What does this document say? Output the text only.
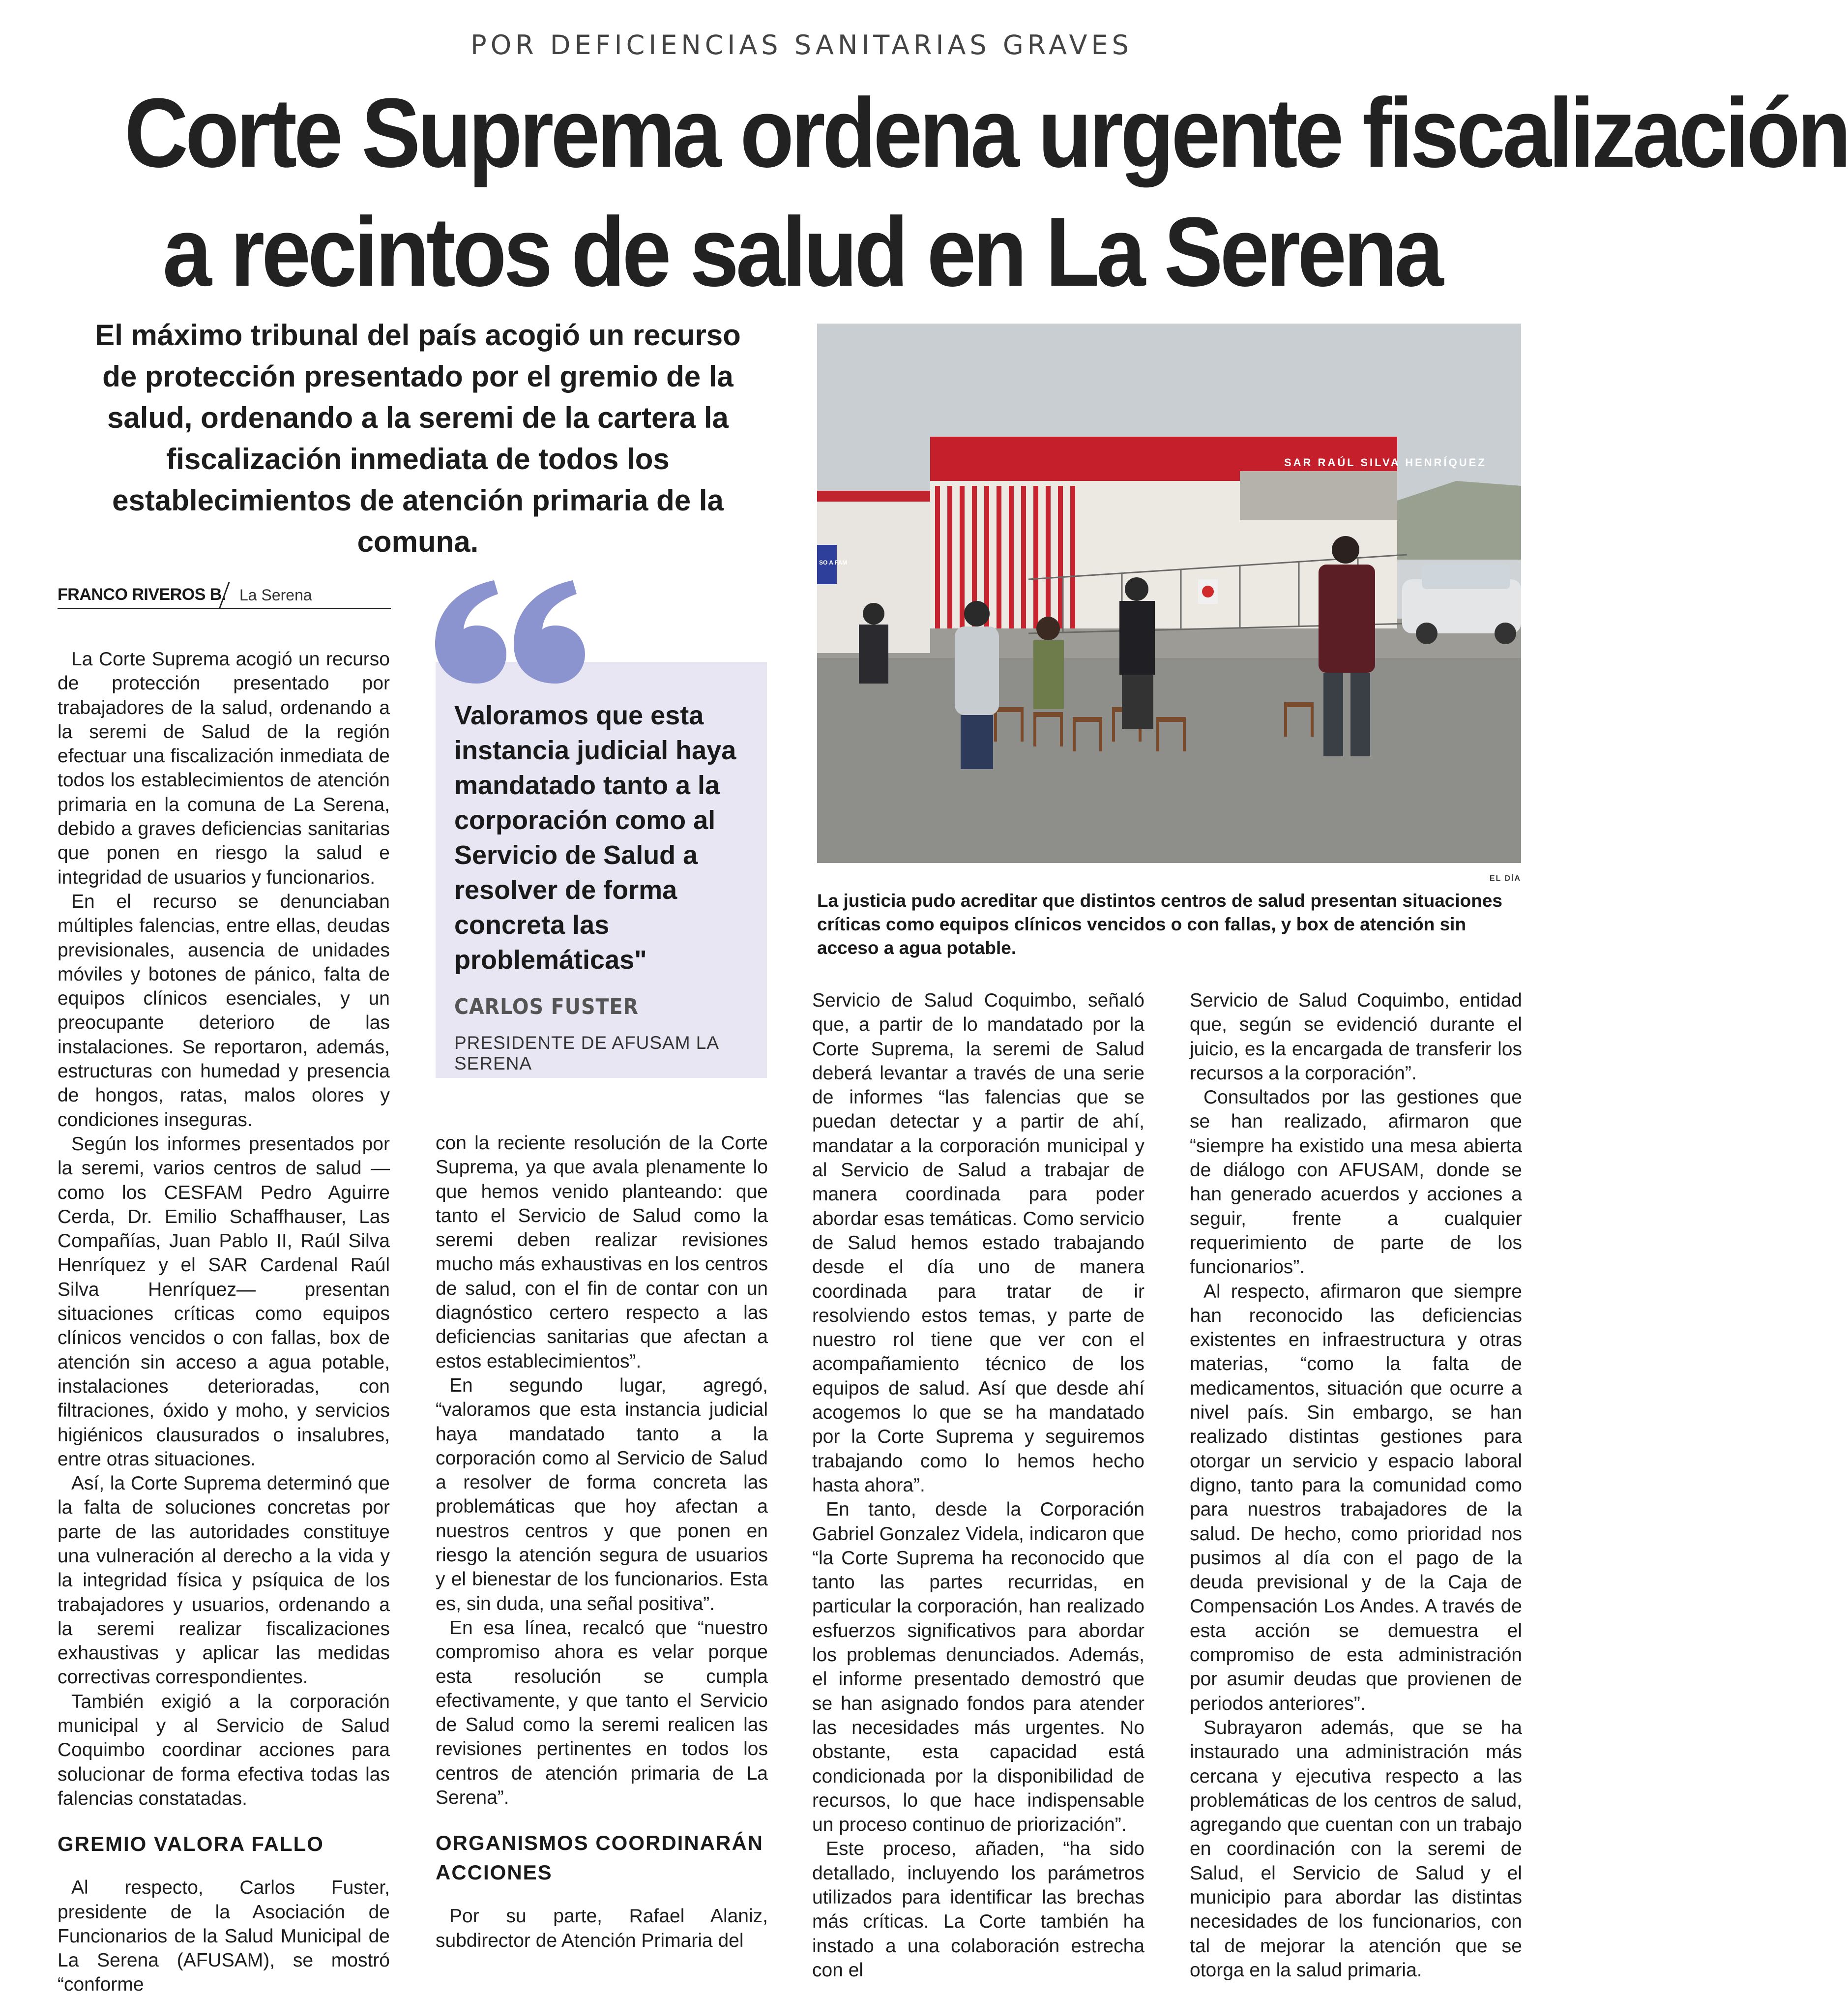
POR DEFICIENCIAS SANITARIAS GRAVES
Corte Suprema ordena urgente fiscalización
a recintos de salud en La Serena
El máximo tribunal del país acogió un recurso de protección presentado por el gremio de la salud, ordenando a la seremi de la cartera la fiscalización inmediata de todos los establecimientos de atención primaria de la comuna.
SO A FAM
SAR RAÚL SILVA HENRÍQUEZ
EL DÍA
La justicia pudo acreditar que distintos centros de salud presentan situaciones críticas como equipos clínicos vencidos o con fallas, y box de atención sin acceso a agua potable.
FRANCO RIVEROS B. La Serena
Valoramos que esta instancia judicial haya mandatado tanto a la corporación como al Servicio de Salud a resolver de forma concreta las problemáticas"
CARLOS FUSTER
PRESIDENTE DE AFUSAM LA SERENA

La Corte Suprema acogió un recurso de protección presentado por trabajadores de la salud, ordenando a la seremi de Salud de la región efectuar una fiscalización inmediata de todos los establecimientos de atención primaria en la comuna de La Serena, debido a graves deficiencias sanitarias que ponen en riesgo la salud e integridad de usuarios y funcionarios.

En el recurso se denunciaban múltiples falencias, entre ellas, deudas previsionales, ausencia de unidades móviles y botones de pánico, falta de equipos clínicos esenciales, y un preocupante deterioro de las instalaciones. Se reportaron, además, estructuras con humedad y presencia de hongos, ratas, malos olores y condiciones inseguras.

Según los informes presentados por la seremi, varios centros de salud —como los CESFAM Pedro Aguirre Cerda, Dr. Emilio Schaffhauser, Las Compañías, Juan Pablo II, Raúl Silva Henríquez y el SAR Cardenal Raúl Silva Henríquez— presentan situaciones críticas como equipos clínicos vencidos o con fallas, box de atención sin acceso a agua potable, instalaciones deterioradas, con filtraciones, óxido y moho, y servicios higiénicos clausurados o insalubres, entre otras situaciones.

Así, la Corte Suprema determinó que la falta de soluciones concretas por parte de las autoridades constituye una vulneración al derecho a la vida y la integridad física y psíquica de los trabajadores y usuarios, ordenando a la seremi realizar fiscalizaciones exhaustivas y aplicar las medidas correctivas correspondientes.

También exigió a la corporación municipal y al Servicio de Salud Coquimbo coordinar acciones para solucionar de forma efectiva todas las falencias constatadas.

GREMIO VALORA FALLO

Al respecto, Carlos Fuster, presidente de la Asociación de Funcionarios de la Salud Municipal de La Serena (AFUSAM), se mostró “conforme

con la reciente resolución de la Corte Suprema, ya que avala plenamente lo que hemos venido planteando: que tanto el Servicio de Salud como la seremi deben realizar revisiones mucho más exhaustivas en los centros de salud, con el fin de contar con un diagnóstico certero respecto a las deficiencias sanitarias que afectan a estos establecimientos”.

En segundo lugar, agregó, “valoramos que esta instancia judicial haya mandatado tanto a la corporación como al Servicio de Salud a resolver de forma concreta las problemáticas que hoy afectan a nuestros centros y que ponen en riesgo la atención segura de usuarios y el bienestar de los funcionarios. Esta es, sin duda, una señal positiva”.

En esa línea, recalcó que “nuestro compromiso ahora es velar porque esta resolución se cumpla efectivamente, y que tanto el Servicio de Salud como la seremi realicen las revisiones pertinentes en todos los centros de atención primaria de La Serena”.

ORGANISMOS COORDINARÁN ACCIONES

Por su parte, Rafael Alaniz, subdirector de Atención Primaria del

Servicio de Salud Coquimbo, señaló que, a partir de lo mandatado por la Corte Suprema, la seremi de Salud deberá levantar a través de una serie de informes “las falencias que se puedan detectar y a partir de ahí, mandatar a la corporación municipal y al Servicio de Salud a trabajar de manera coordinada para poder abordar esas temáticas. Como servicio de Salud hemos estado trabajando desde el día uno de manera coordinada para tratar de ir resolviendo estos temas, y parte de nuestro rol tiene que ver con el acompañamiento técnico de los equipos de salud. Así que desde ahí acogemos lo que se ha mandatado por la Corte Suprema y seguiremos trabajando como lo hemos hecho hasta ahora”.

En tanto, desde la Corporación Gabriel Gonzalez Videla, indicaron que “la Corte Suprema ha reconocido que tanto las partes recurridas, en particular la corporación, han realizado esfuerzos significativos para abordar los problemas denunciados. Además, el informe presentado demostró que se han asignado fondos para atender las necesidades más urgentes. No obstante, esta capacidad está condicionada por la disponibilidad de recursos, lo que hace indispensable un proceso continuo de priorización”.

Este proceso, añaden, “ha sido detallado, incluyendo los parámetros utilizados para identificar las brechas más críticas. La Corte también ha instado a una colaboración estrecha con el

Servicio de Salud Coquimbo, entidad que, según se evidenció durante el juicio, es la encargada de transferir los recursos a la corporación”.

Consultados por las gestiones que se han realizado, afirmaron que “siempre ha existido una mesa abierta de diálogo con AFUSAM, donde se han generado acuerdos y acciones a seguir, frente a cualquier requerimiento de parte de los funcionarios”.

Al respecto, afirmaron que siempre han reconocido las deficiencias existentes en infraestructura y otras materias, “como la falta de medicamentos, situación que ocurre a nivel país. Sin embargo, se han realizado distintas gestiones para otorgar un servicio y espacio laboral digno, tanto para la comunidad como para nuestros trabajadores de la salud. De hecho, como prioridad nos pusimos al día con el pago de la deuda previsional y de la Caja de Compensación Los Andes. A través de esta acción se demuestra el compromiso de esta administración por asumir deudas que provienen de periodos anteriores”.

Subrayaron además, que se ha instaurado una administración más cercana y ejecutiva respecto a las problemáticas de los centros de salud, agregando que cuentan con un trabajo en coordinación con la seremi de Salud, el Servicio de Salud y el municipio para abordar las distintas necesidades de los funcionarios, con tal de mejorar la atención que se otorga en la salud primaria.
